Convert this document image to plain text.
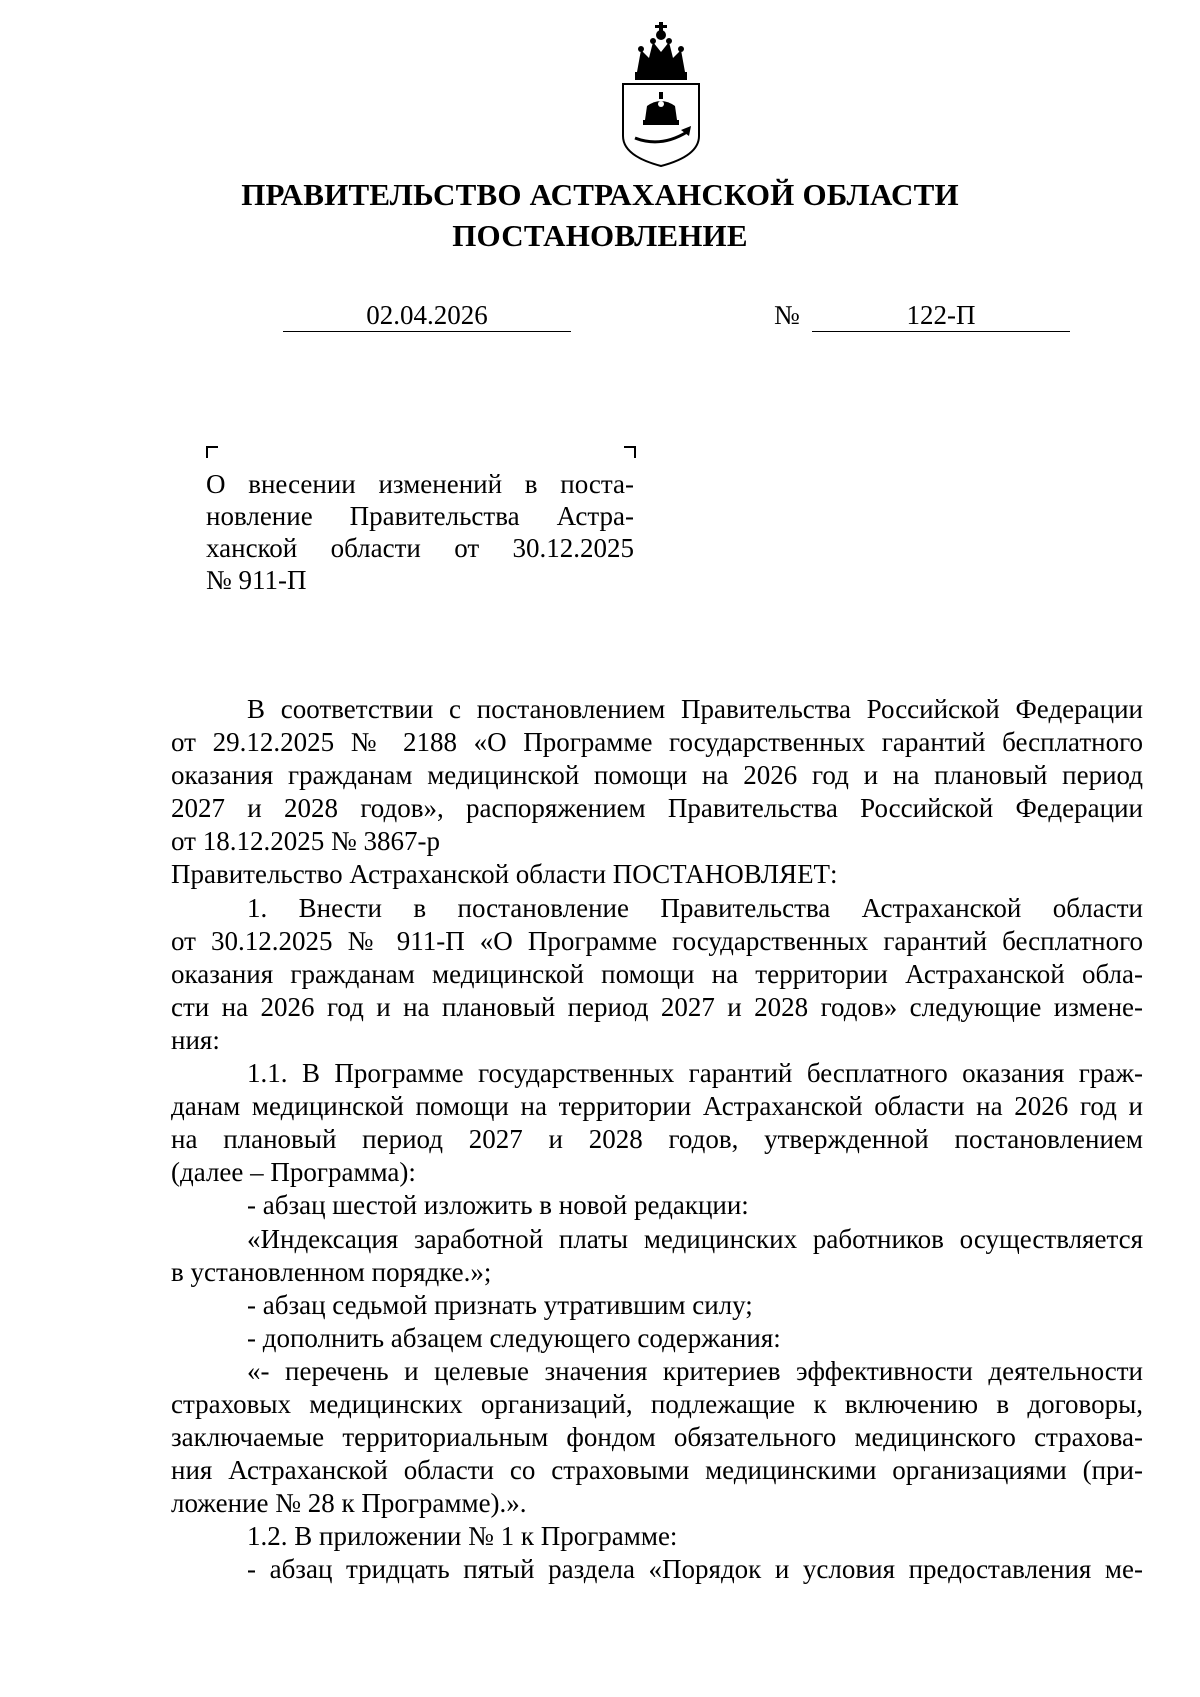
ПРАВИТЕЛЬСТВО АСТРАХАНСКОЙ ОБЛАСТИ
ПОСТАНОВЛЕНИЕ
02.04.2026	№	122-П
О внесении изменений в поста-
новление Правительства Астра-
ханской области от 30.12.2025
№ 911-П
В соответствии с постановлением Правительства Российской Федерации
от 29.12.2025 № 2188 «О Программе государственных гарантий бесплатного
оказания гражданам медицинской помощи на 2026 год и на плановый период
2027 и 2028 годов», распоряжением Правительства Российской Федерации
от 18.12.2025 № 3867-р
Правительство Астраханской области ПОСТАНОВЛЯЕТ:
1. Внести в постановление Правительства Астраханской области
от 30.12.2025 № 911-П «О Программе государственных гарантий бесплатного
оказания гражданам медицинской помощи на территории Астраханской обла-
сти на 2026 год и на плановый период 2027 и 2028 годов» следующие измене-
ния:
1.1. В Программе государственных гарантий бесплатного оказания граж-
данам медицинской помощи на территории Астраханской области на 2026 год и
на плановый период 2027 и 2028 годов, утвержденной постановлением
(далее – Программа):
- абзац шестой изложить в новой редакции:
«Индексация заработной платы медицинских работников осуществляется
в установленном порядке.»;
- абзац седьмой признать утратившим силу;
- дополнить абзацем следующего содержания:
«- перечень и целевые значения критериев эффективности деятельности
страховых медицинских организаций, подлежащие к включению в договоры,
заключаемые территориальным фондом обязательного медицинского страхова-
ния Астраханской области со страховыми медицинскими организациями (при-
ложение № 28 к Программе).».
1.2. В приложении № 1 к Программе:
- абзац тридцать пятый раздела «Порядок и условия предоставления ме-
